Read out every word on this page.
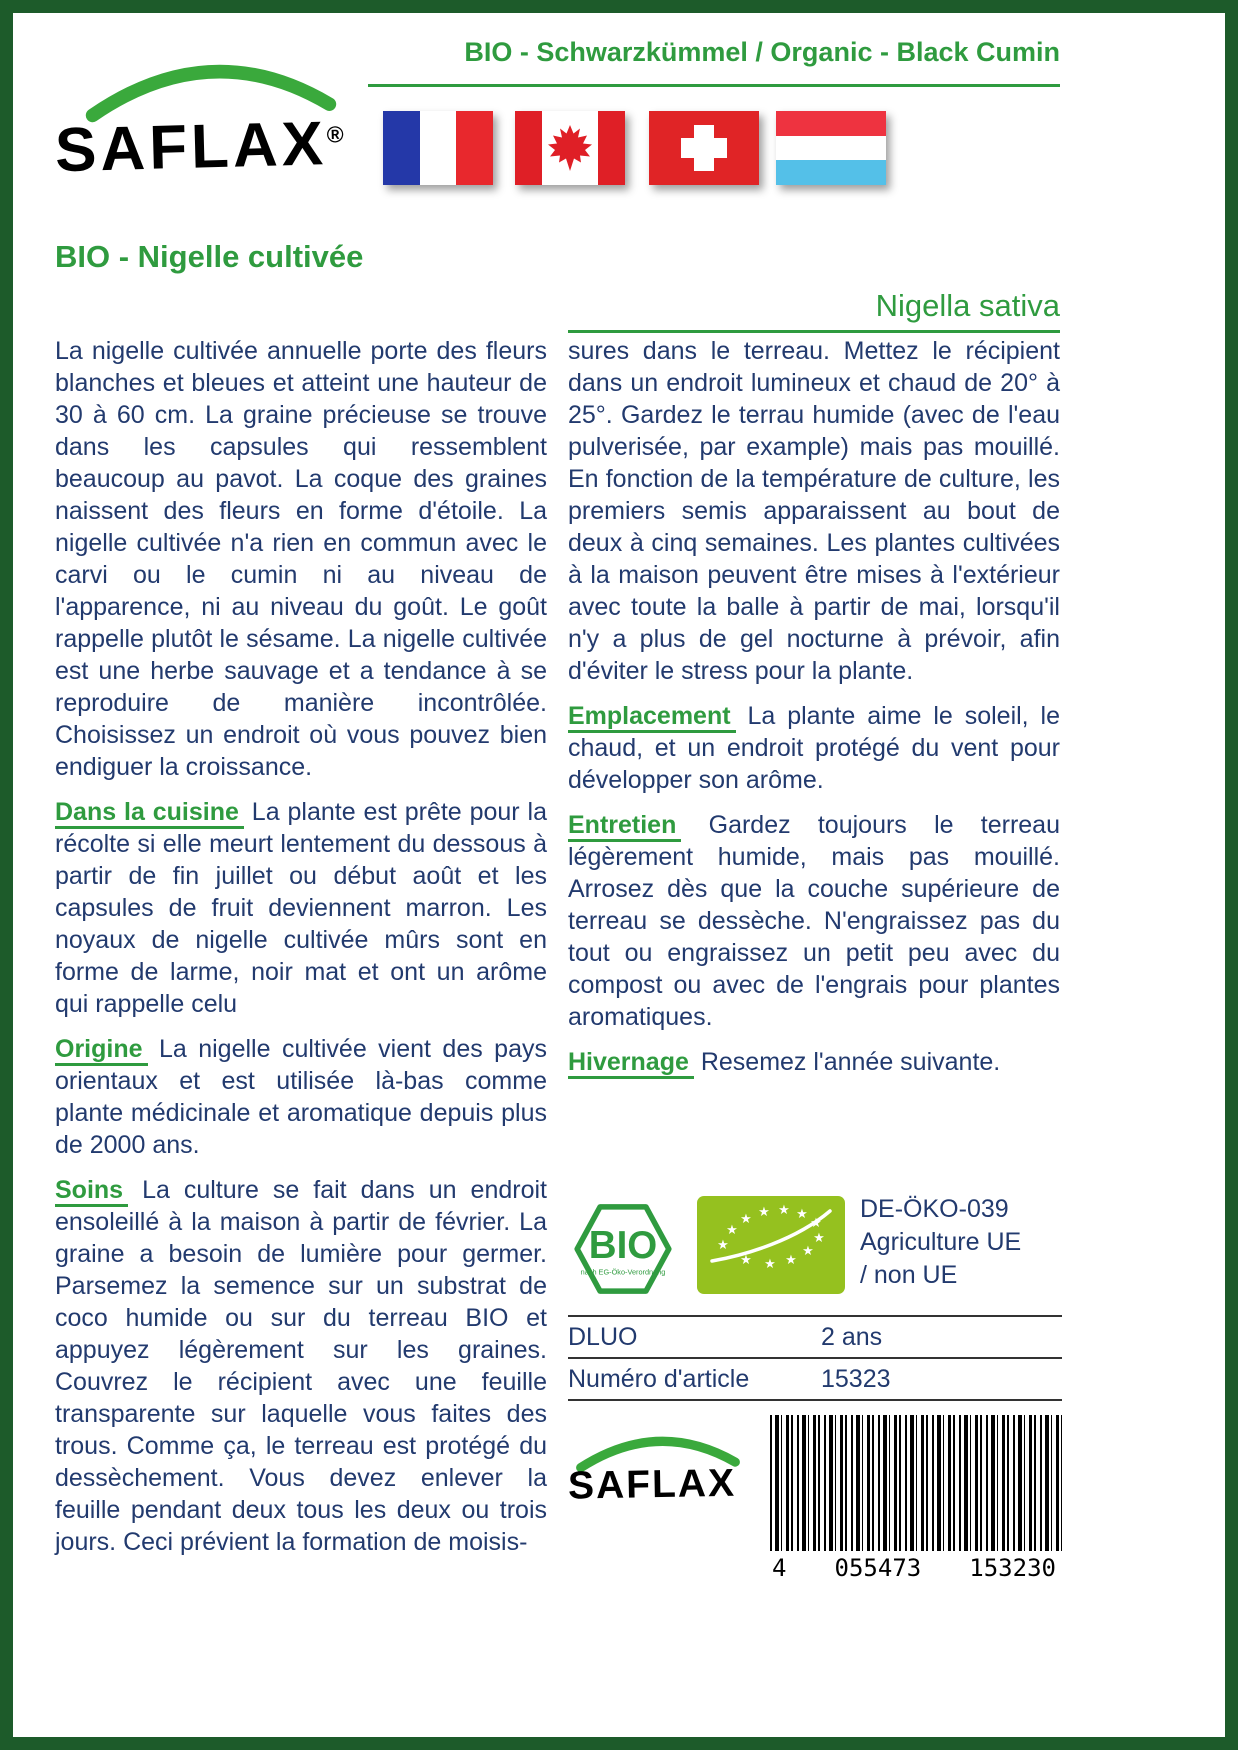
BIO - Schwarzkümmel / Organic - Black Cumin
SAFLAX®
BIO - Nigelle cultivée
Nigella sativa

La nigelle cultivée annuelle porte des fleurs blanches et bleues et atteint une hauteur de 30 à 60 cm. La graine précieuse se trouve dans les capsules qui ressemblent beaucoup au pavot. La coque des graines naissent des fleurs en forme d'étoile. La nigelle cultivée n'a rien en commun avec le carvi ou le cumin ni au niveau de l'apparence, ni au niveau du goût. Le goût rappelle plutôt le sésame. La nigelle cultivée est une herbe sauvage et a tendance à se reproduire de manière incontrôlée. Choisissez un endroit où vous pouvez bien endiguer la croissance.

Dans la cuisine La plante est prête pour la récolte si elle meurt lentement du dessous à partir de fin juillet ou début août et les capsules de fruit deviennent marron. Les noyaux de nigelle cultivée mûrs sont en forme de larme, noir mat et ont un arôme qui rappelle celu

Origine La nigelle cultivée vient des pays orientaux et est utilisée là-bas comme plante médicinale et aromatique depuis plus de 2000 ans.

Soins La culture se fait dans un endroit ensoleillé à la maison à partir de février. La graine a besoin de lumière pour germer. Parsemez la semence sur un substrat de coco humide ou sur du terreau BIO et appuyez légèrement sur les graines. Couvrez le récipient avec une feuille transparente sur laquelle vous faites des trous. Comme ça, le terreau est protégé du dessèchement. Vous devez enlever la feuille pendant deux tous les deux ou trois jours. Ceci prévient la formation de moisis-

sures dans le terreau. Mettez le récipient dans un endroit lumineux et chaud de 20° à 25°. Gardez le terrau humide (avec de l'eau pulverisée, par example) mais pas mouillé. En fonction de la température de culture, les premiers semis apparaissent au bout de deux à cinq semaines. Les plantes cultivées à la maison peuvent être mises à l'extérieur avec toute la balle à partir de mai, lorsqu'il n'y a plus de gel nocturne à prévoir, afin d'éviter le stress pour la plante.

Emplacement La plante aime le soleil, le chaud, et un endroit protégé du vent pour développer son arôme.

Entretien Gardez toujours le terreau légèrement humide, mais pas mouillé. Arrosez dès que la couche supérieure de terreau se dessèche. N'engraissez pas du tout ou engraissez un petit peu avec du compost ou avec de l'engrais pour plantes aromatiques.

Hivernage Resemez l'année suivante.

BIO
nach EG-Öko-Verordnung
★
★
★ ★ ★ ★
★
★
★
★
★
★
DE-ÖKO-039
Agriculture UE
/ non UE
DLUO	2 ans
Numéro d'article	15323
SAFLAX
4 055473 153230
